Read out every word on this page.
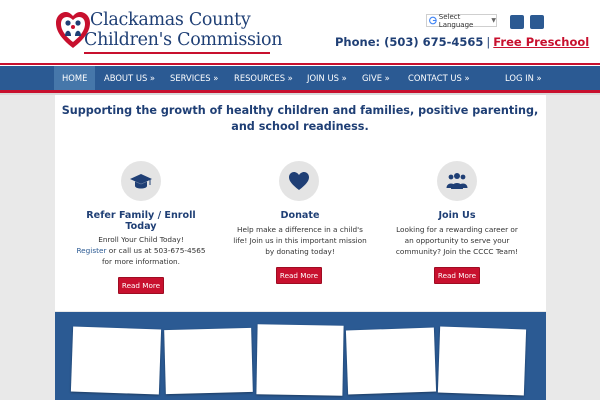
Clackamas County
Children's Commission
Select Language	▼
Phone: (503) 675-4565 | Free Preschool
HOME	ABOUT US » SERVICES » RESOURCES » JOIN US » GIVE » CONTACT US »	LOG IN »
Supporting the growth of healthy children and families, positive parenting, and school readiness.
Refer Family / Enroll
Today
Enroll Your Child Today!
Register or call us at 503-675-4565
for more information.
Read More
Donate
Help make a difference in a child's
life! Join us in this important mission
by donating today!
Read More
Join Us
Looking for a rewarding career or
an opportunity to serve your
community? Join the CCCC Team!
Read More
